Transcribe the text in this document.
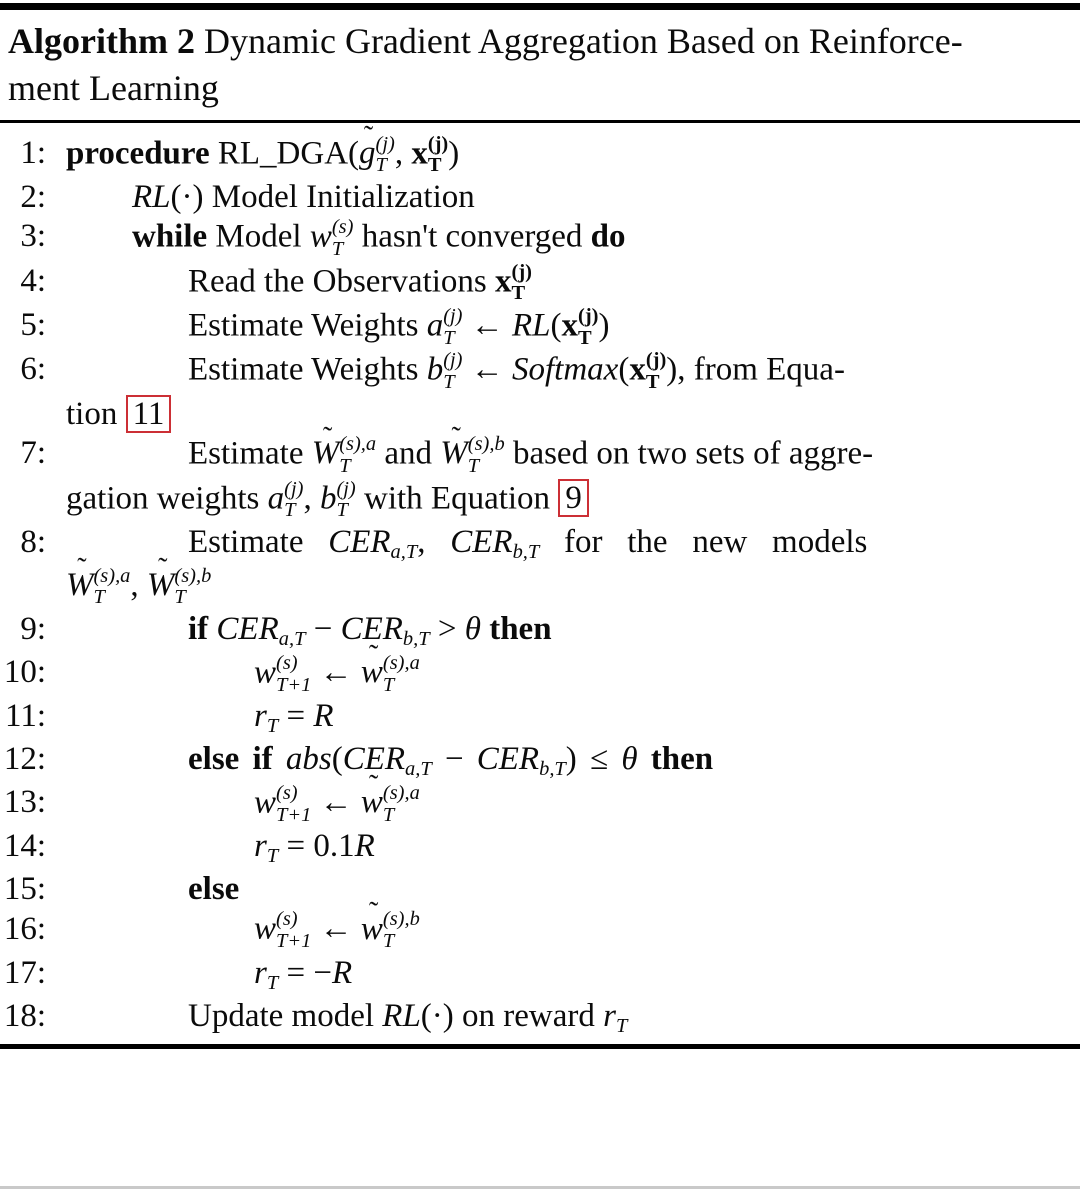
Algorithm 2 Dynamic Gradient Aggregation Based on Reinforce-
ment Learning
1: procedure RL_DGA(g ˜ (j)
T , x (j)
T )
2:	RL(·) Model Initialization
3:	while Model w (s)
T hasn't converged do
4:	Read the Observations x (j)
T
5:	Estimate Weights a (j)
T ← RL(x (j)
T )
6:	Estimate Weights b (j)
T ← Softmax(x (j)
T ), from Equa-
tion 11
7:	Estimate W ˜ (s),a
T and W ˜ (s),b
T based on two sets of aggre-
gation weights a (j)
T , b (j)
T with Equation 9
8:	Estimate CERa,T, CERb,T for the new models
W ˜ (s),a
T , W ˜ (s),b
T
9:	if CERa,T − CERb,T > θ then
10:	w (s)
T+1 ← w ˜ (s),a
T
11:	rT = R
12:	else if abs(CERa,T − CERb,T) ≤ θ then
13:	w (s)
T+1 ← w ˜ (s),a
T
14:	rT = 0.1R
15:	else
16:	w (s)
T+1 ← w ˜ (s),b
T
17:	rT = −R
18:	Update model RL(·) on reward rT
